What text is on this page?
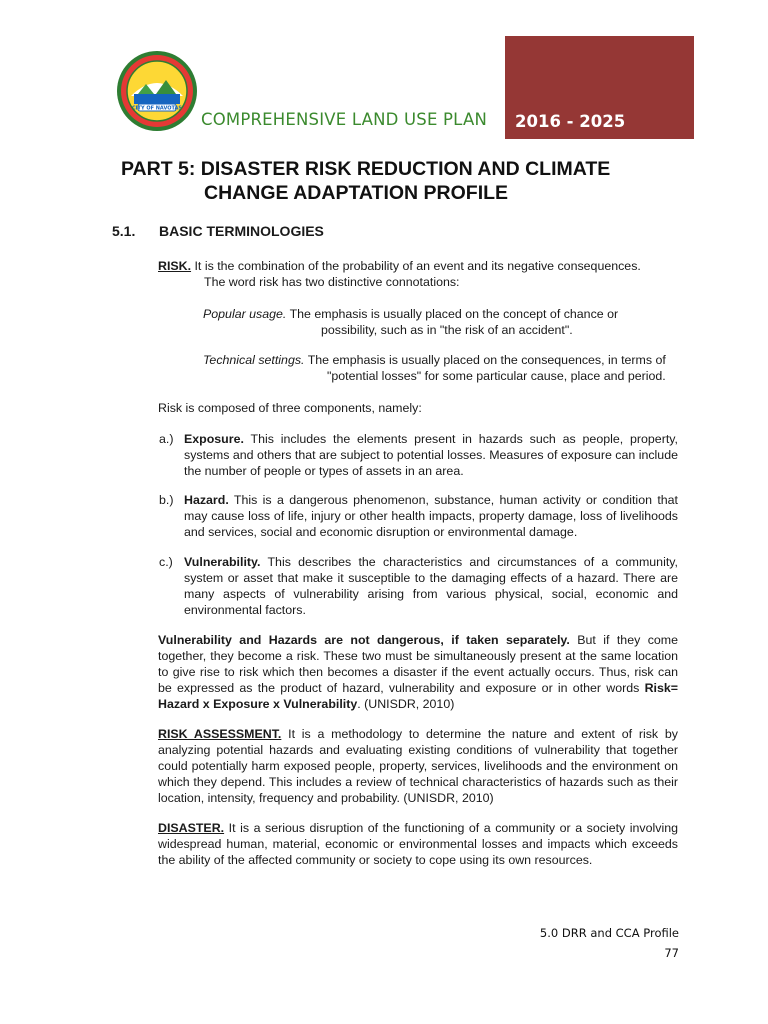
CITY OF NAVOTAS
COMPREHENSIVE LAND USE PLAN 2016 - 2025
PART 5: DISASTER RISK REDUCTION AND CLIMATE
CHANGE ADAPTATION PROFILE
5.1. BASIC TERMINOLOGIES
RISK. It is the combination of the probability of an event and its negative consequences.
The word risk has two distinctive connotations:
Popular usage. The emphasis is usually placed on the concept of chance or
possibility, such as in "the risk of an accident".
Technical settings. The emphasis is usually placed on the consequences, in terms of
"potential losses" for some particular cause, place and period.
Risk is composed of three components, namely:
a.) Exposure. This includes the elements present in hazards such as people, property, systems and others that are subject to potential losses. Measures of exposure can include the number of people or types of assets in an area.
b.) Hazard. This is a dangerous phenomenon, substance, human activity or condition that may cause loss of life, injury or other health impacts, property damage, loss of livelihoods and services, social and economic disruption or environmental damage.
c.) Vulnerability. This describes the characteristics and circumstances of a community, system or asset that make it susceptible to the damaging effects of a hazard. There are many aspects of vulnerability arising from various physical, social, economic and environmental factors.
Vulnerability and Hazards are not dangerous, if taken separately. But if they come together, they become a risk. These two must be simultaneously present at the same location to give rise to risk which then becomes a disaster if the event actually occurs. Thus, risk can be expressed as the product of hazard, vulnerability and exposure or in other words Risk= Hazard x Exposure x Vulnerability. (UNISDR, 2010)
RISK ASSESSMENT. It is a methodology to determine the nature and extent of risk by analyzing potential hazards and evaluating existing conditions of vulnerability that together could potentially harm exposed people, property, services, livelihoods and the environment on which they depend. This includes a review of technical characteristics of hazards such as their location, intensity, frequency and probability. (UNISDR, 2010)
DISASTER. It is a serious disruption of the functioning of a community or a society involving widespread human, material, economic or environmental losses and impacts which exceeds the ability of the affected community or society to cope using its own resources.
5.0 DRR and CCA Profile
77
